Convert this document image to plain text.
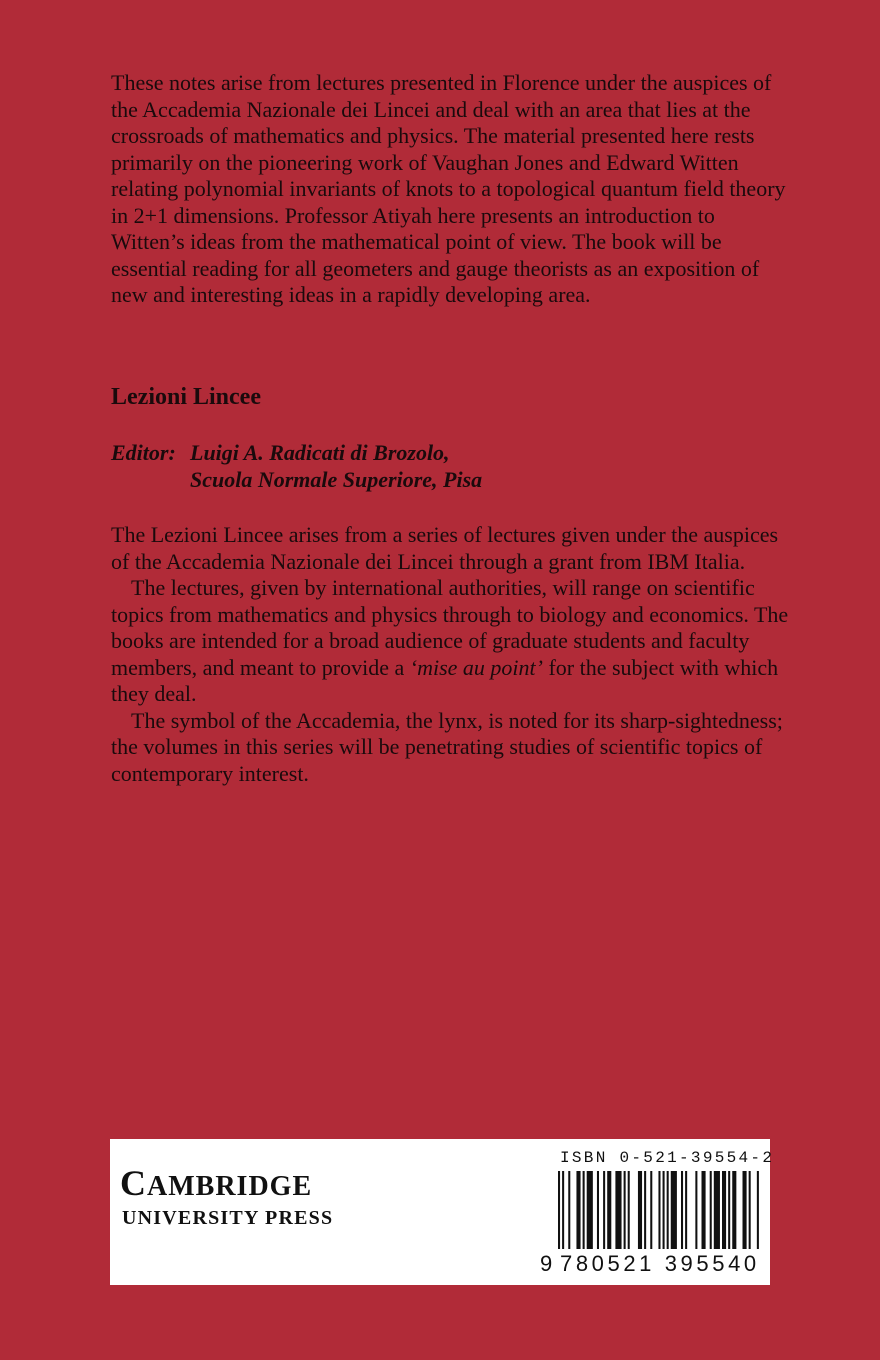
These notes arise from lectures presented in Florence under the auspices of the Accademia Nazionale dei Lincei and deal with an area that lies at the crossroads of mathematics and physics. The material presented here rests primarily on the pioneering work of Vaughan Jones and Edward Witten relating polynomial invariants of knots to a topological quantum field theory in 2+1 dimensions. Professor Atiyah here presents an introduction to Witten’s ideas from the mathematical point of view. The book will be essential reading for all geometers and gauge theorists as an exposition of new and interesting ideas in a rapidly developing area.

Lezioni Lincee
Editor: Luigi A. Radicati di Brozolo,
Scuola Normale Superiore, Pisa

The Lezioni Lincee arises from a series of lectures given under the auspices of the Accademia Nazionale dei Lincei through a grant from IBM Italia.

The lectures, given by international authorities, will range on scientific topics from mathematics and physics through to biology and economics. The books are intended for a broad audience of graduate students and faculty members, and meant to provide a ‘mise au point’ for the subject with which they deal.

The symbol of the Accademia, the lynx, is noted for its sharp-sightedness; the volumes in this series will be penetrating studies of scientific topics of contemporary interest.

CAMBRIDGE
UNIVERSITY PRESS
ISBN 0-521-39554-2
9 780521 395540
